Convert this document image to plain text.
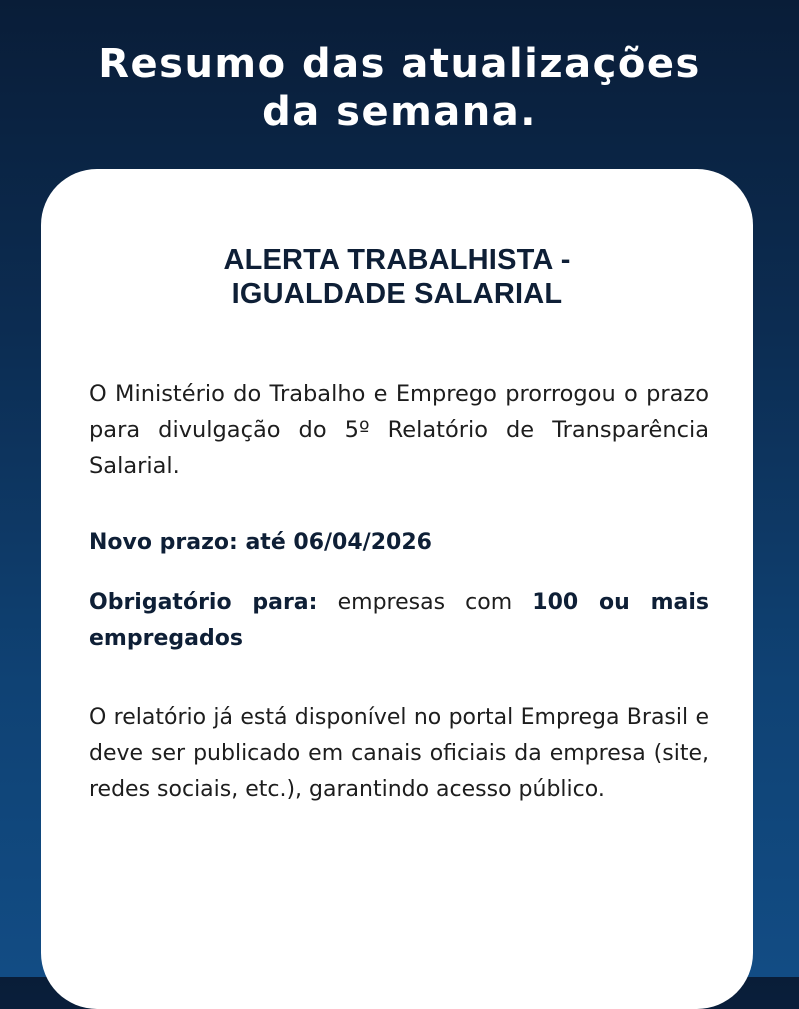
Resumo das atualizações
da semana.
ALERTA TRABALHISTA -
IGUALDADE SALARIAL

O Ministério do Trabalho e Emprego prorrogou o prazo para divulgação do 5º Relatório de Transparência Salarial.

Novo prazo: até 06/04/2026

Obrigatório para: empresas com 100 ou mais empregados

O relatório já está disponível no portal Emprega Brasil e deve ser publicado em canais oficiais da empresa (site, redes sociais, etc.), garantindo acesso público.
